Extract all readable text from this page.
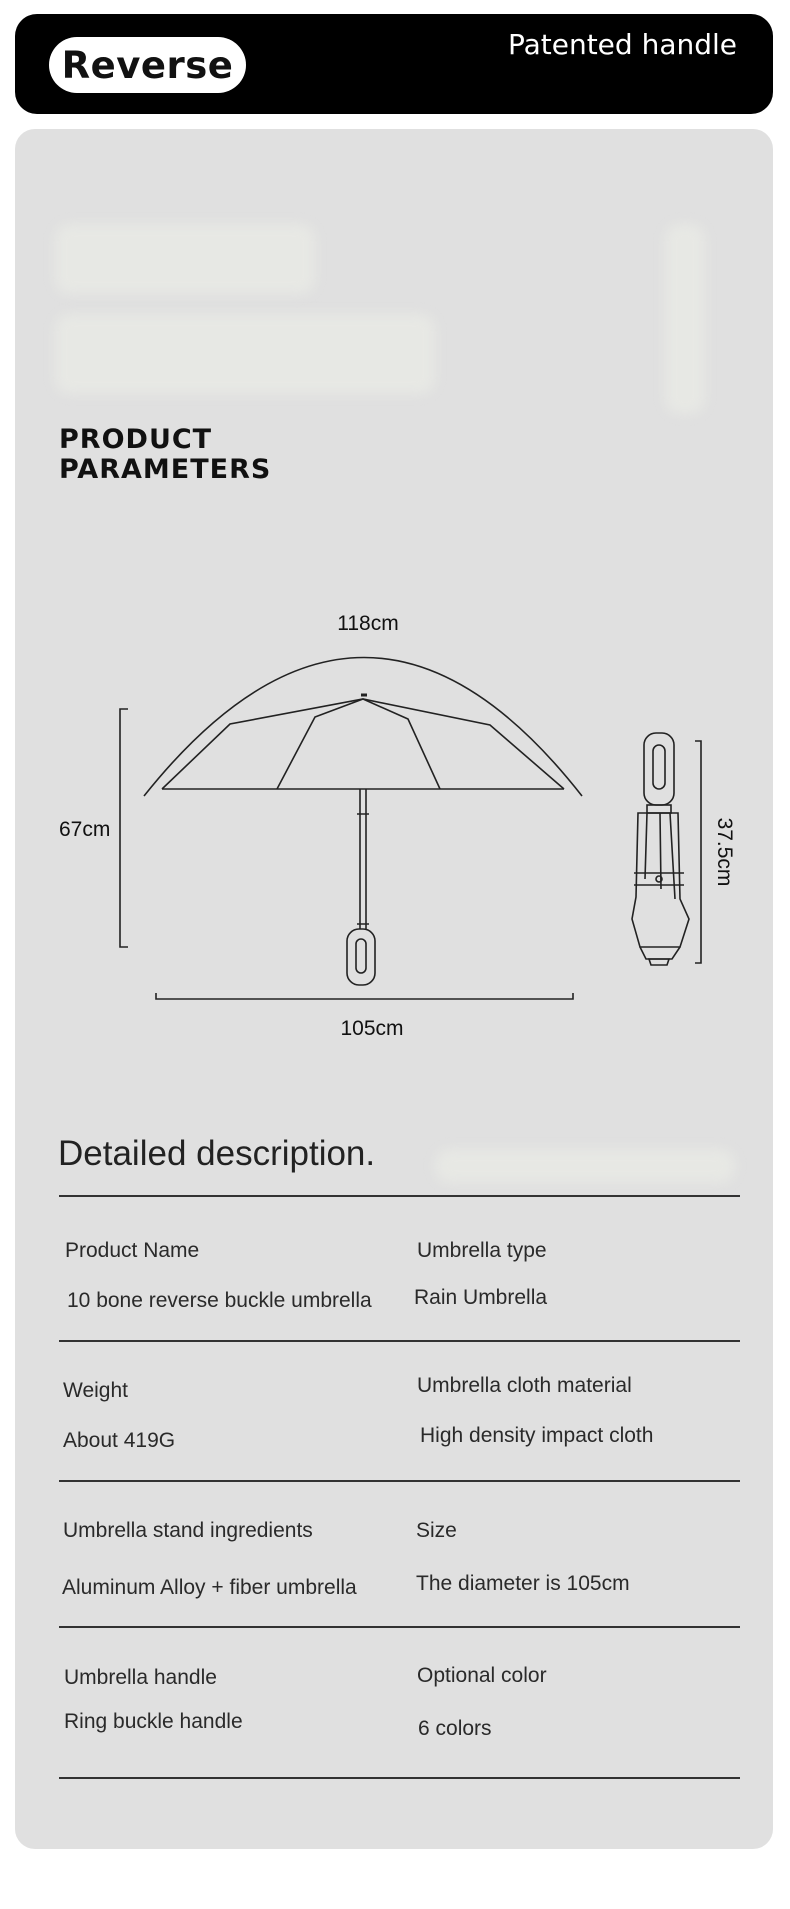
Reverse	Patented handle
PRODUCT
PARAMETERS
118cm
67cm
105cm
37.5cm
Detailed description.
Product Name
10 bone reverse buckle umbrella
Umbrella type
Rain Umbrella
Weight
About 419G
Umbrella cloth material
High density impact cloth
Umbrella stand ingredients
Aluminum Alloy + fiber umbrella
Size
The diameter is 105cm
Umbrella handle
Ring buckle handle
Optional color
6 colors
